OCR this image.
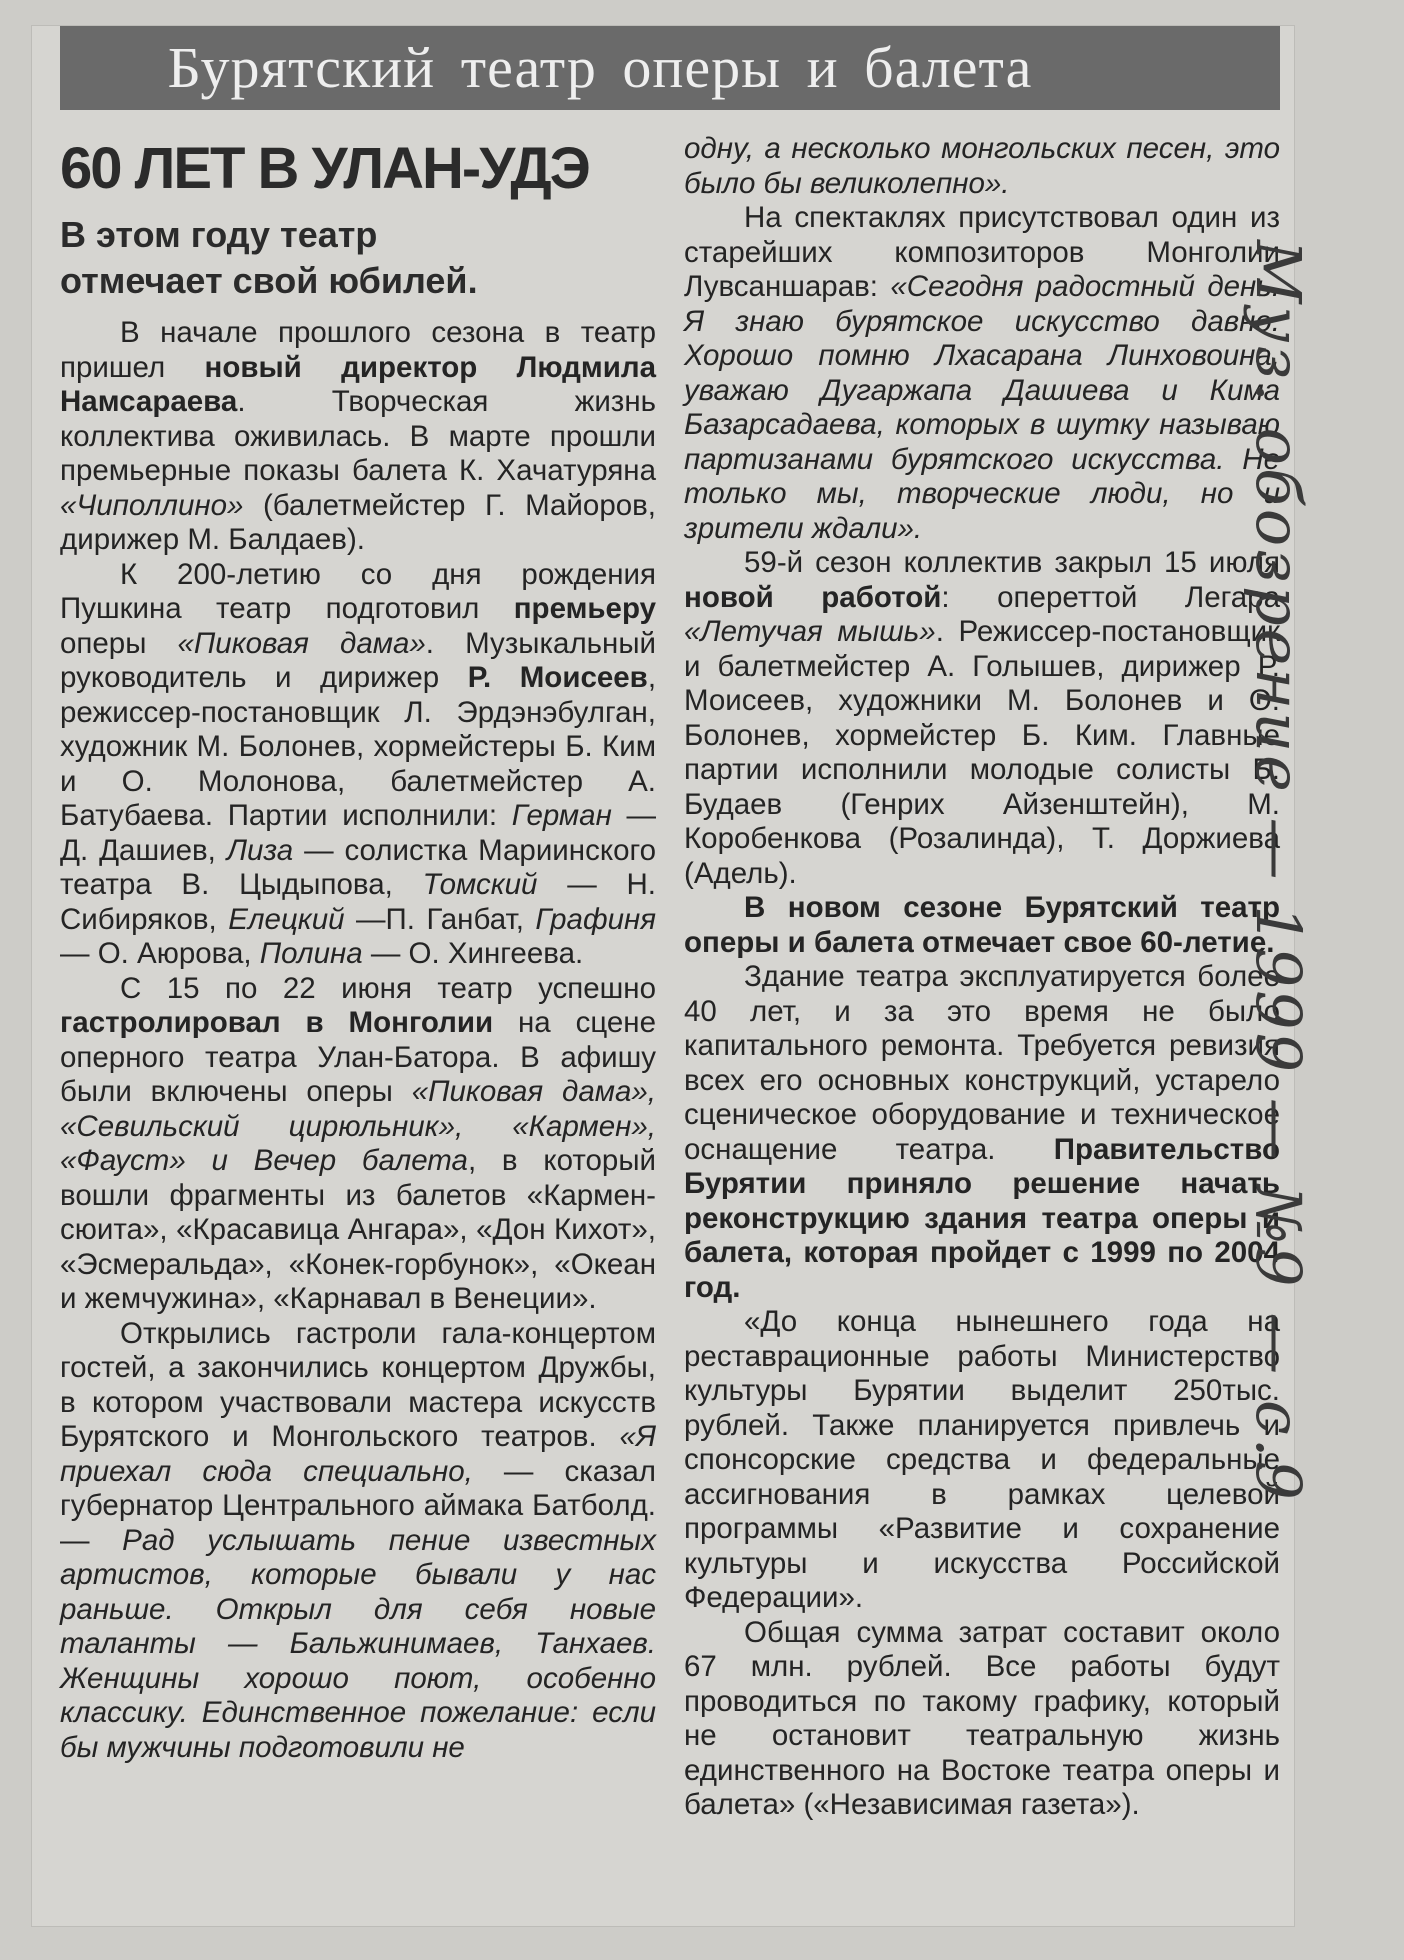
Бурятский театр оперы и балета
60 ЛЕТ В УЛАН-УДЭ
В этом году театр
отмечает свой юбилей.

В начале прошлого сезона в театр пришел новый директор Людмила Намсараева. Творческая жизнь коллектива оживилась. В марте прошли премьерные показы балета К. Хачатуряна «Чиполлино» (балетмейстер Г. Майоров, дирижер М. Балдаев).

К 200-летию со дня рождения Пушкина театр подготовил премьеру оперы «Пиковая дама». Музыкальный руководитель и дирижер Р. Моисеев, режиссер-постановщик Л. Эрдэнэбулган, художник М. Болонев, хормейстеры Б. Ким и О. Молонова, балетмейстер А. Батубаева. Партии исполнили: Герман — Д. Дашиев, Лиза — солистка Мариинского театра В. Цыдыпова, Томский — Н. Сибиряков, Елецкий —П. Ганбат, Графиня — О. Аюрова, Полина — О. Хингеева.

С 15 по 22 июня театр успешно гастролировал в Монголии на сцене оперного театра Улан-Батора. В афишу были включены оперы «Пиковая дама», «Севильский цирюльник», «Кармен», «Фауст» и Вечер балета, в который вошли фрагменты из балетов «Кармен-сюита», «Красавица Ангара», «Дон Кихот», «Эсмеральда», «Конек-горбунок», «Океан и жемчужина», «Карнавал в Венеции».

Открылись гастроли гала-концертом гостей, а закончились концертом Дружбы, в котором участвовали мастера искусств Бурятского и Монгольского театров. «Я приехал сюда специально, — сказал губернатор Центрального аймака Батболд. — Рад услышать пение известных артистов, которые бывали у нас раньше. Открыл для себя новые таланты — Бальжинимаев, Танхаев. Женщины хорошо поют, особенно классику. Единственное пожелание: если бы мужчины подготовили не

одну, а несколько монгольских песен, это было бы великолепно».

На спектаклях присутствовал один из старейших композиторов Монголии Лувсаншарав: «Сегодня радостный день. Я знаю бурятское искусство давно. Хорошо помню Лхасарана Линховоина, уважаю Дугаржапа Дашиева и Кима Базарсадаева, которых в шутку называю партизанами бурятского искусства. Не только мы, творческие люди, но и зрители ждали».

59-й сезон коллектив закрыл 15 июля новой работой: опереттой Легара «Летучая мышь». Режиссер-постановщик и балетмейстер А. Голышев, дирижер Р. Моисеев, художники М. Болонев и О. Болонев, хормейстер Б. Ким. Главные партии исполнили молодые солисты Б. Будаев (Генрих Айзенштейн), М. Коробенкова (Розалинда), Т. Доржиева (Адель).

В новом сезоне Бурятский театр оперы и балета отмечает свое 60-летие.

Здание театра эксплуатируется более 40 лет, и за это время не было капитального ремонта. Требуется ревизия всех его основных конструкций, устарело сценическое оборудование и техническое оснащение театра. Правительство Бурятии приняло решение начать реконструкцию здания театра оперы и балета, которая пройдет с 1999 по 2004 год.

«До конца нынешнего года на реставрационные работы Министерство культуры Бурятии выделит 250тыс. рублей. Также планируется привлечь и спонсорские средства и федеральные ассигнования в рамках целевой программы «Развитие и сохранение культуры и искусства Российской Федерации».

Общая сумма затрат составит около 67 млн. рублей. Все работы будут проводиться по такому графику, который не остановит театральную жизнь единственного на Востоке театра оперы и балета» («Независимая газета»).

Муз. обозрение — 1999 — №9 — с.9
